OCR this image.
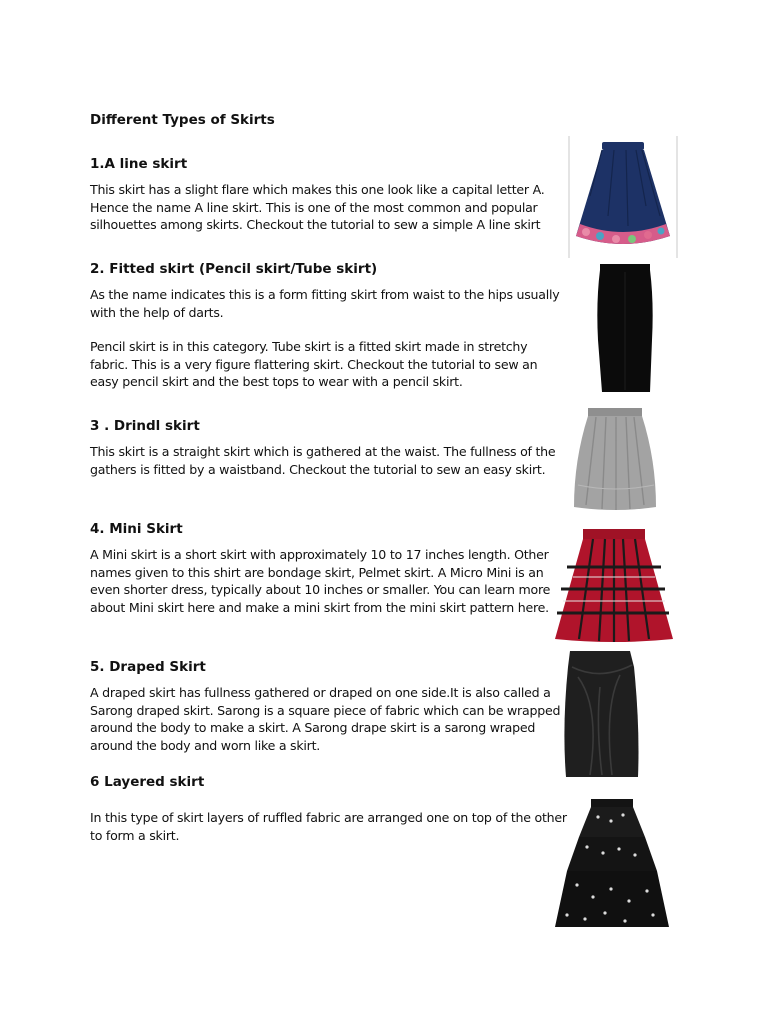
Different Types of Skirts
1.A line skirt

This skirt has a slight flare which makes this one look like a capital letter A. Hence the name A line skirt. This is one of the most common and popular silhouettes among skirts. Checkout the tutorial to sew a simple A line skirt

2. Fitted skirt (Pencil skirt/Tube skirt)

As the name indicates this is a form fitting skirt from waist to the hips usually with the help of darts.

Pencil skirt is in this category. Tube skirt is a fitted skirt made in stretchy fabric. This is a very figure flattering skirt. Checkout the tutorial to sew an easy pencil skirt and the best tops to wear with a pencil skirt.

3 . Drindl skirt

This skirt is a straight skirt which is gathered at the waist. The fullness of the gathers is fitted by a waistband. Checkout the tutorial to sew an easy skirt.

4. Mini Skirt

A Mini skirt is a short skirt with approximately 10 to 17 inches length. Other names given to this shirt are bondage skirt, Pelmet skirt. A Micro Mini is an even shorter dress, typically about 10 inches or smaller. You can learn more about Mini skirt here and make a mini skirt from the mini skirt pattern here.

5. Draped Skirt

A draped skirt has fullness gathered or draped on one side.It is also called a Sarong draped skirt. Sarong is a square piece of fabric which can be wrapped around the body to make a skirt. A Sarong drape skirt is a sarong wraped around the body and worn like a skirt.

6 Layered skirt

In this type of skirt layers of ruffled fabric are arranged one on top of the other to form a skirt.
